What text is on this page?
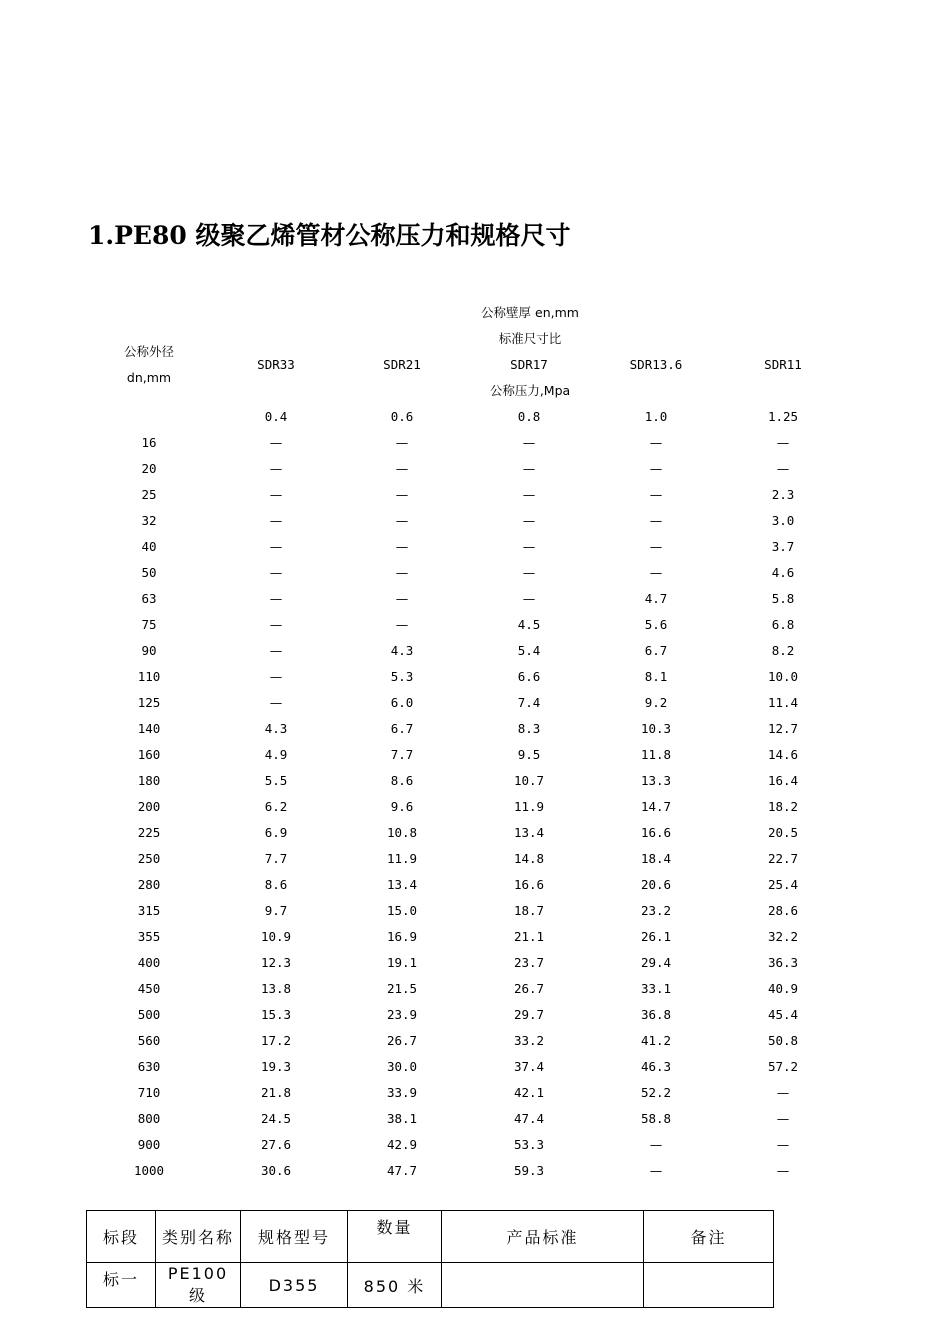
1.PE80 级聚乙烯管材公称压力和规格尺寸
公称壁厚 en,mm
标准尺寸比
公称压力,Mpa
公称外径
dn,mm
SDR33	SDR21	SDR17	SDR13.6	SDR11
0.4	0.6	0.8	1.0	1.25
16	—	—	—	—	—
20	—	—	—	—	—
25	—	—	—	—	2.3
32	—	—	—	—	3.0
40	—	—	—	—	3.7
50	—	—	—	—	4.6
63	—	—	—	4.7	5.8
75	—	—	4.5	5.6	6.8
90	—	4.3	5.4	6.7	8.2
110	—	5.3	6.6	8.1	10.0
125	—	6.0	7.4	9.2	11.4
140	4.3	6.7	8.3	10.3	12.7
160	4.9	7.7	9.5	11.8	14.6
180	5.5	8.6	10.7	13.3	16.4
200	6.2	9.6	11.9	14.7	18.2
225	6.9	10.8	13.4	16.6	20.5
250	7.7	11.9	14.8	18.4	22.7
280	8.6	13.4	16.6	20.6	25.4
315	9.7	15.0	18.7	23.2	28.6
355	10.9	16.9	21.1	26.1	32.2
400	12.3	19.1	23.7	29.4	36.3
450	13.8	21.5	26.7	33.1	40.9
500	15.3	23.9	29.7	36.8	45.4
560	17.2	26.7	33.2	41.2	50.8
630	19.3	30.0	37.4	46.3	57.2
710	21.8	33.9	42.1	52.2	—
800	24.5	38.1	47.4	58.8	—
900	27.6	42.9	53.3	—	—
1000	30.6	47.7	59.3	—	—
标段	类别名称	规格型号	数量	产品标准	备注
标一	PE100 级	D355	850 米		
